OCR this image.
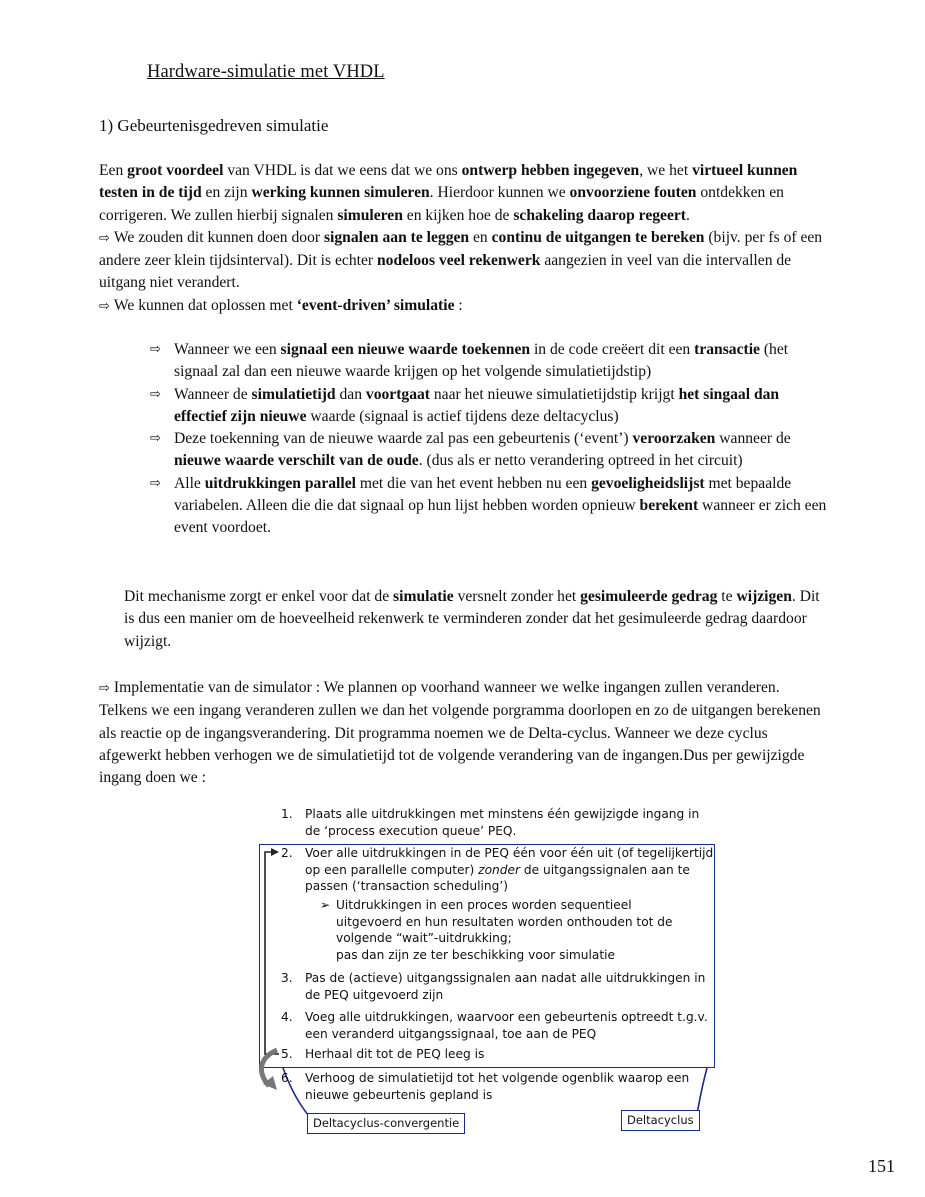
Hardware-simulatie met VHDL
1) Gebeurtenisgedreven simulatie

Een groot voordeel van VHDL is dat we eens dat we ons ontwerp hebben ingegeven, we het virtueel kunnen testen in de tijd en zijn werking kunnen simuleren. Hierdoor kunnen we onvoorziene fouten ontdekken en corrigeren. We zullen hierbij signalen simuleren en kijken hoe de schakeling daarop regeert.

⇨ We zouden dit kunnen doen door signalen aan te leggen en continu de uitgangen te bereken (bijv. per fs of een andere zeer klein tijdsinterval). Dit is echter nodeloos veel rekenwerk aangezien in veel van die intervallen de uitgang niet verandert.

⇨ We kunnen dat oplossen met ‘event-driven’ simulatie :

⇨ Wanneer we een signaal een nieuwe waarde toekennen in de code creëert dit een transactie (het signaal zal dan een nieuwe waarde krijgen op het volgende simulatietijdstip)
⇨ Wanneer de simulatietijd dan voortgaat naar het nieuwe simulatietijdstip krijgt het singaal dan effectief zijn nieuwe waarde (signaal is actief tijdens deze deltacyclus)
⇨ Deze toekenning van de nieuwe waarde zal pas een gebeurtenis (‘event’) veroorzaken wanneer de nieuwe waarde verschilt van de oude. (dus als er netto verandering optreed in het circuit)
⇨ Alle uitdrukkingen parallel met die van het event hebben nu een gevoeligheidslijst met bepaalde variabelen. Alleen die die dat signaal op hun lijst hebben worden opnieuw berekent wanneer er zich een event voordoet.

Dit mechanisme zorgt er enkel voor dat de simulatie versnelt zonder het gesimuleerde gedrag te wijzigen. Dit is dus een manier om de hoeveelheid rekenwerk te verminderen zonder dat het gesimuleerde gedrag daardoor wijzigt.

⇨ Implementatie van de simulator : We plannen op voorhand wanneer we welke ingangen zullen veranderen. Telkens we een ingang veranderen zullen we dan het volgende porgramma doorlopen en zo de uitgangen berekenen als reactie op de ingangsverandering. Dit programma noemen we de Delta-cyclus. Wanneer we deze cyclus afgewerkt hebben verhogen we de simulatietijd tot de volgende verandering van de ingangen.Dus per gewijzigde ingang doen we :

1.	Plaats alle uitdrukkingen met minstens één gewijzigde ingang in de ‘process execution queue’ PEQ.
2.	Voer alle uitdrukkingen in de PEQ één voor één uit (of tegelijkertijd op een parallelle computer) zonder de uitgangssignalen aan te passen (‘transaction scheduling’)
➢ Uitdrukkingen in een proces worden sequentieel
uitgevoerd en hun resultaten worden onthouden tot de
volgende “wait”-uitdrukking;
pas dan zijn ze ter beschikking voor simulatie
3.	Pas de (actieve) uitgangssignalen aan nadat alle uitdrukkingen in de PEQ uitgevoerd zijn
4.	Voeg alle uitdrukkingen, waarvoor een gebeurtenis optreedt t.g.v. een veranderd uitgangssignaal, toe aan de PEQ
5.	Herhaal dit tot de PEQ leeg is
6.	Verhoog de simulatietijd tot het volgende ogenblik waarop een nieuwe gebeurtenis gepland is
Deltacyclus-convergentie	Deltacyclus
151
